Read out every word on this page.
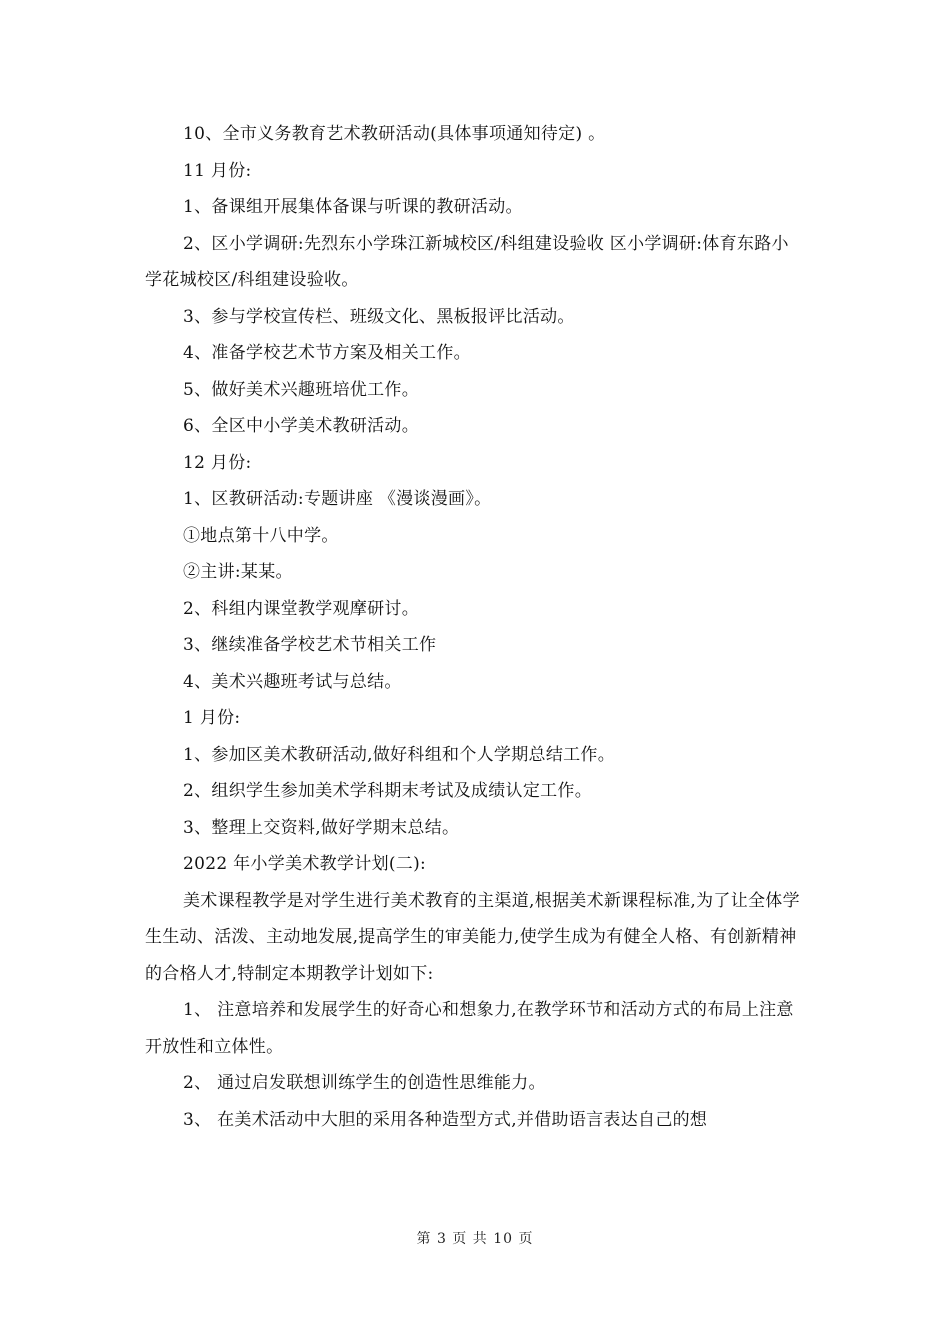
10、全市义务教育艺术教研活动(具体事项通知待定) 。

11 月份:

1、备课组开展集体备课与听课的教研活动。

2、区小学调研:先烈东小学珠江新城校区/科组建设验收 区小学调研:体育东路小学花城校区/科组建设验收。

3、参与学校宣传栏、班级文化、黑板报评比活动。

4、准备学校艺术节方案及相关工作。

5、做好美术兴趣班培优工作。

6、全区中小学美术教研活动。

12 月份:

1、区教研活动:专题讲座 《漫谈漫画》。

①地点第十八中学。

②主讲:某某。

2、科组内课堂教学观摩研讨。

3、继续准备学校艺术节相关工作

4、美术兴趣班考试与总结。

1 月份:

1、参加区美术教研活动,做好科组和个人学期总结工作。

2、组织学生参加美术学科期末考试及成绩认定工作。

3、整理上交资料,做好学期末总结。

2022 年小学美术教学计划(二):

美术课程教学是对学生进行美术教育的主渠道,根据美术新课程标准,为了让全体学生生动、活泼、主动地发展,提高学生的审美能力,使学生成为有健全人格、有创新精神的合格人才,特制定本期教学计划如下:

1、 注意培养和发展学生的好奇心和想象力,在教学环节和活动方式的布局上注意开放性和立体性。

2、 通过启发联想训练学生的创造性思维能力。

3、 在美术活动中大胆的采用各种造型方式,并借助语言表达自己的想

第 3 页 共 10 页
